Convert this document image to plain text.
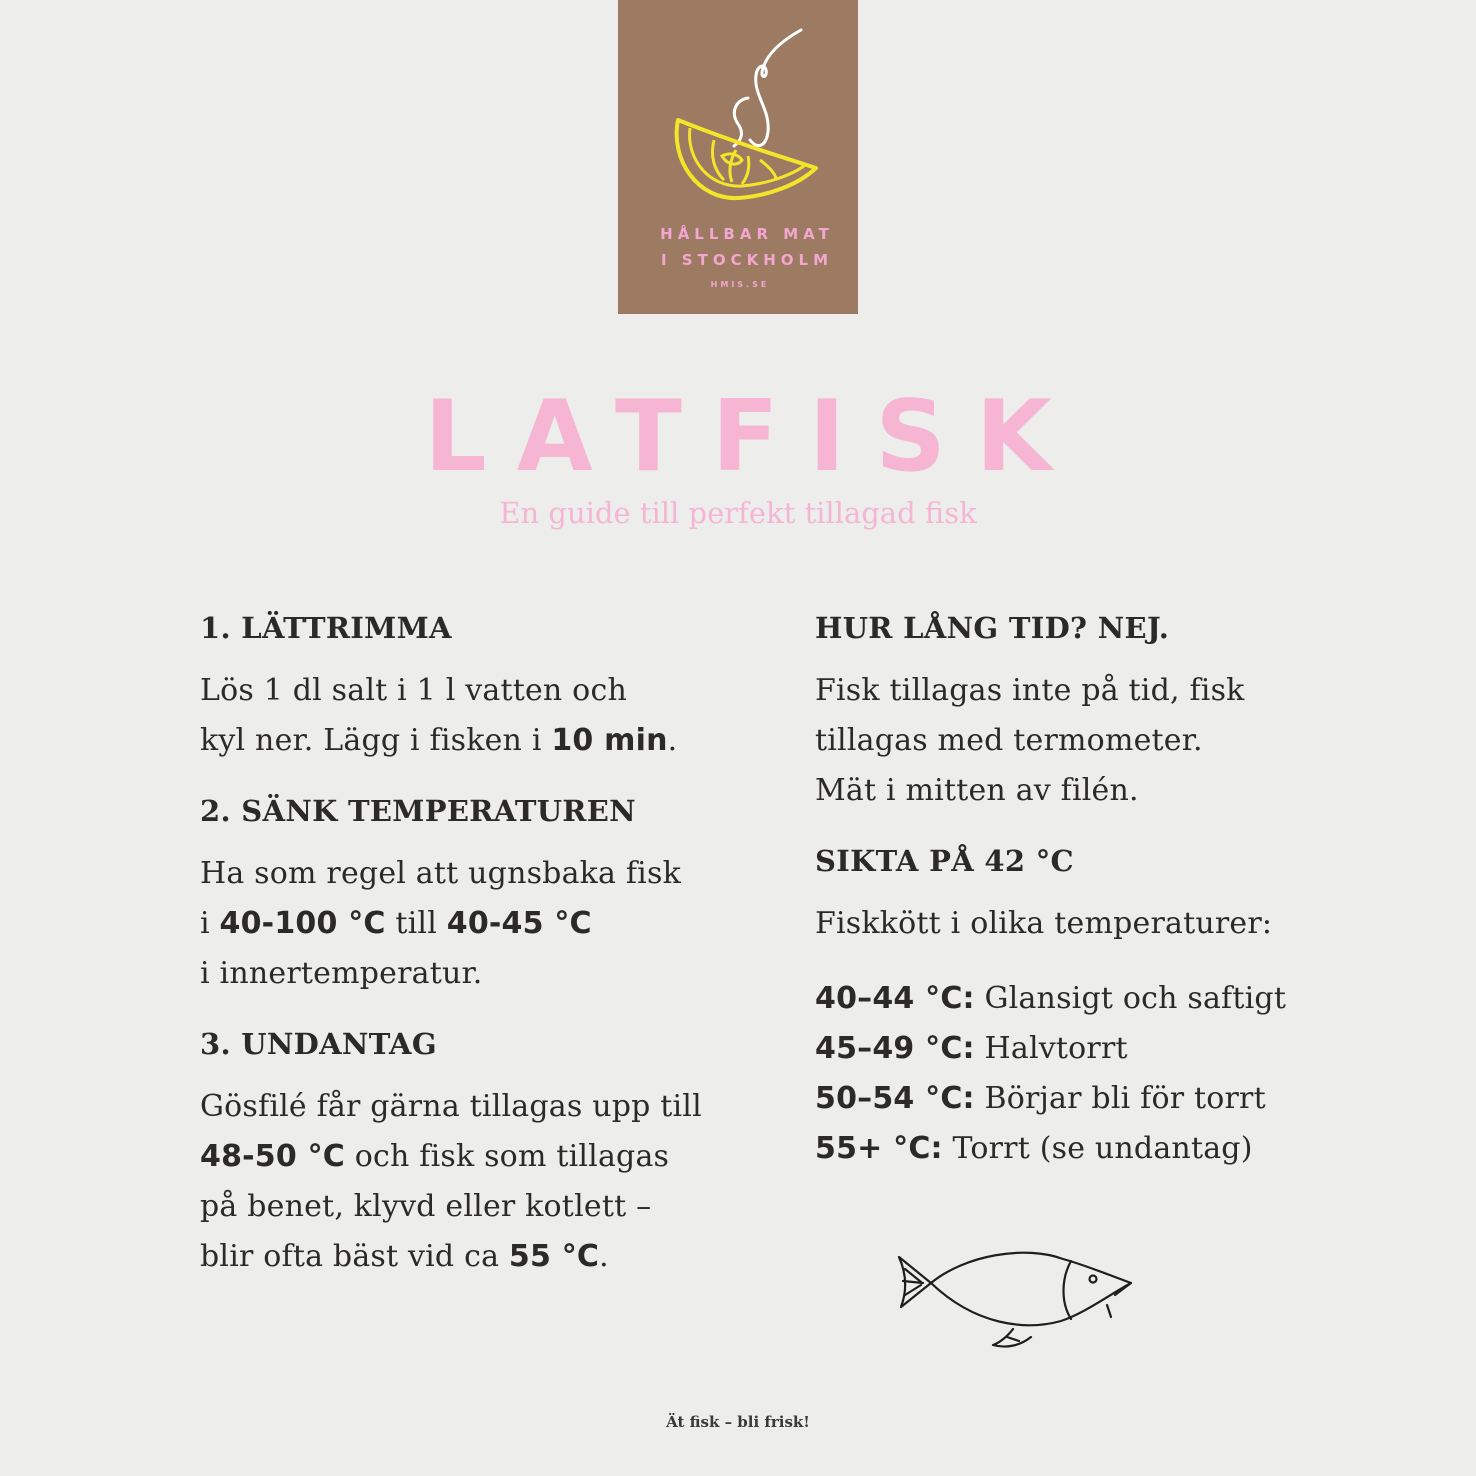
HÅLLBAR MAT
I STOCKHOLM
HMIS.SE
LATFISK
En guide till perfekt tillagad fisk
1. LÄTTRIMMA

Lös 1 dl salt i 1 l vatten och
kyl ner. Lägg i fisken i 10 min.

2. SÄNK TEMPERATUREN

Ha som regel att ugnsbaka fisk
i 40-100 °C till 40-45 °C
i innertemperatur.

3. UNDANTAG

Gösfilé får gärna tillagas upp till
48-50 °C och fisk som tillagas
på benet, klyvd eller kotlett –
blir ofta bäst vid ca 55 °C.

HUR LÅNG TID? NEJ.

Fisk tillagas inte på tid, fisk
tillagas med termometer.
Mät i mitten av filén.

SIKTA PÅ 42 °C

Fiskkött i olika temperaturer:

40–44 °C: Glansigt och saftigt

45–49 °C: Halvtorrt

50–54 °C: Börjar bli för torrt

55+ °C: Torrt (se undantag)

Ät fisk – bli frisk!
